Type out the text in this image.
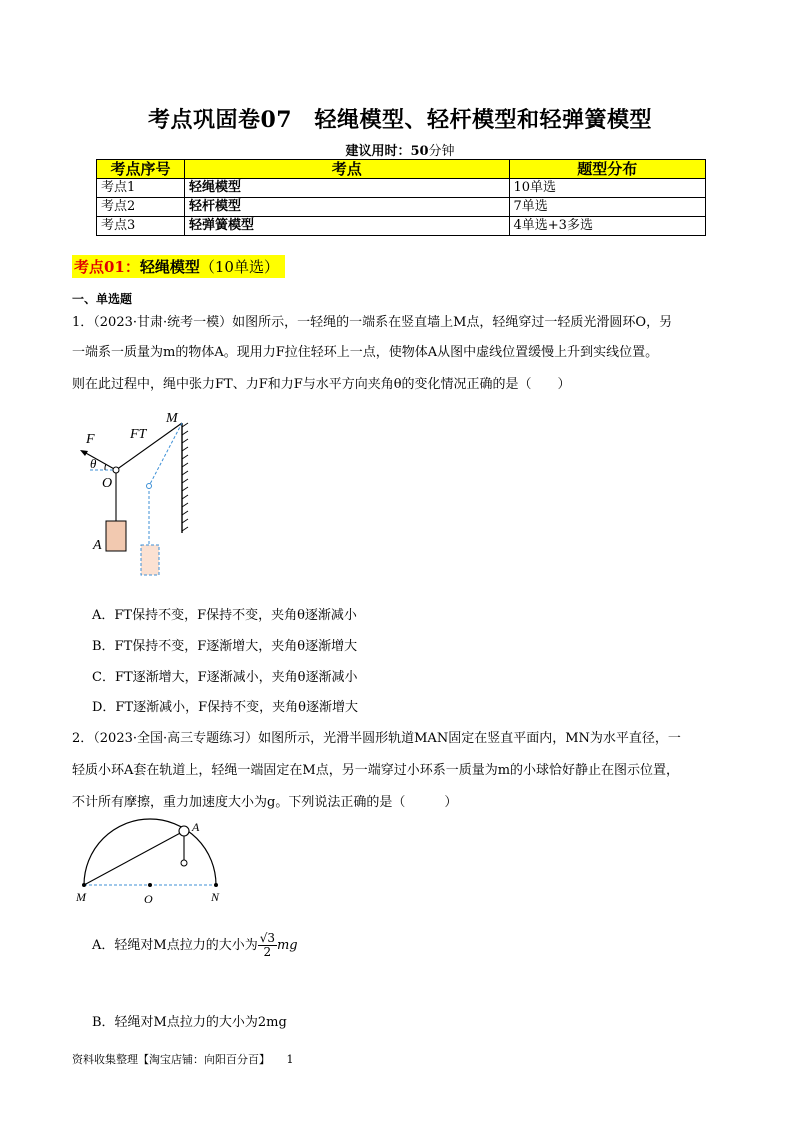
考点巩固卷07　轻绳模型、轻杆模型和轻弹簧模型
建议用时：50分钟
考点序号	考点	题型分布
考点1	轻绳模型	10单选
考点2	轻杆模型	7单选
考点3	轻弹簧模型	4单选+3多选
考点01：轻绳模型（10单选）
一、单选题
1．（2023·甘肃·统考一模）如图所示，一轻绳的一端系在竖直墙上M点，轻绳穿过一轻质光滑圆环O，另
一端系一质量为m的物体A。现用力F拉住轻环上一点，使物体A从图中虚线位置缓慢上升到实线位置。
则在此过程中，绳中张力FT、力F和力F与水平方向夹角θ的变化情况正确的是（　　）
F	FT
M
θ
O
A
A．FT保持不变，F保持不变，夹角θ逐渐减小
B．FT保持不变，F逐渐增大，夹角θ逐渐增大
C．FT逐渐增大，F逐渐减小，夹角θ逐渐减小
D．FT逐渐减小，F保持不变，夹角θ逐渐增大
2．（2023·全国·高三专题练习）如图所示，光滑半圆形轨道MAN固定在竖直平面内，MN为水平直径，一
轻质小环A套在轨道上，轻绳一端固定在M点，另一端穿过小环系一质量为m的小球恰好静止在图示位置，
不计所有摩擦，重力加速度大小为g。下列说法正确的是（　　　）
A
M	O	N
A．轻绳对M点拉力的大小为 $\frac{√3}{2}$ mg
B．轻绳对M点拉力的大小为2mg
资料收集整理【淘宝店铺：向阳百分百】　　 1
